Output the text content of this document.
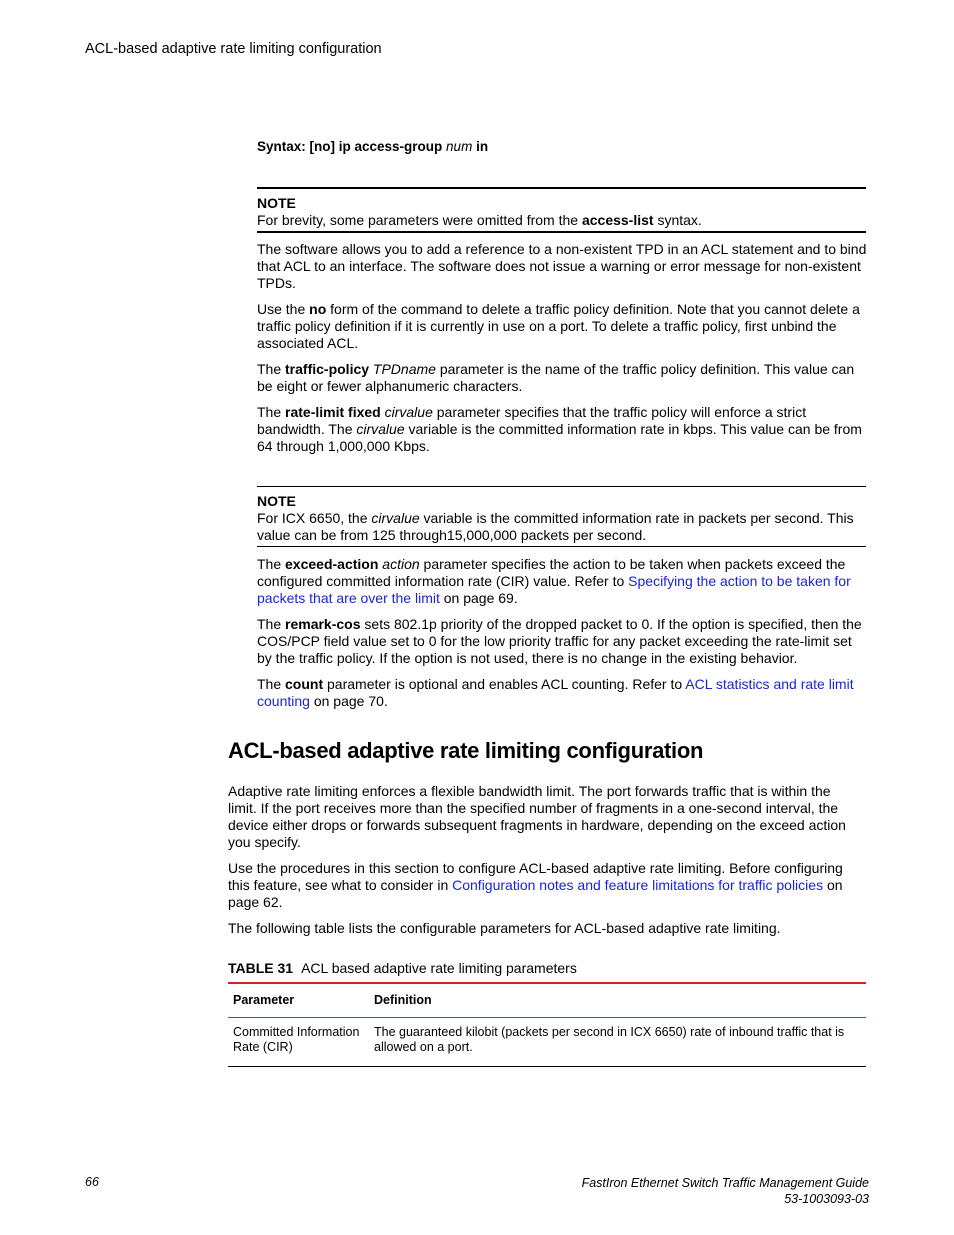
ACL-based adaptive rate limiting configuration
Syntax: [no] ip access-group num in
NOTE
For brevity, some parameters were omitted from the access-list syntax.

The software allows you to add a reference to a non-existent TPD in an ACL statement and to bind that ACL to an interface. The software does not issue a warning or error message for non-existent TPDs.

Use the no form of the command to delete a traffic policy definition. Note that you cannot delete a traffic policy definition if it is currently in use on a port. To delete a traffic policy, first unbind the associated ACL.

The traffic-policy TPDname parameter is the name of the traffic policy definition. This value can be eight or fewer alphanumeric characters.

The rate-limit fixed cirvalue parameter specifies that the traffic policy will enforce a strict bandwidth. The cirvalue variable is the committed information rate in kbps. This value can be from 64 through 1,000,000 Kbps.

NOTE
For ICX 6650, the cirvalue variable is the committed information rate in packets per second. This value can be from 125 through15,000,000 packets per second.

The exceed-action action parameter specifies the action to be taken when packets exceed the configured committed information rate (CIR) value. Refer to Specifying the action to be taken for packets that are over the limit on page 69.

The remark-cos sets 802.1p priority of the dropped packet to 0. If the option is specified, then the COS/PCP field value set to 0 for the low priority traffic for any packet exceeding the rate-limit set by the traffic policy. If the option is not used, there is no change in the existing behavior.

The count parameter is optional and enables ACL counting. Refer to ACL statistics and rate limit counting on page 70.

ACL-based adaptive rate limiting configuration

Adaptive rate limiting enforces a flexible bandwidth limit. The port forwards traffic that is within the limit. If the port receives more than the specified number of fragments in a one-second interval, the device either drops or forwards subsequent fragments in hardware, depending on the exceed action you specify.

Use the procedures in this section to configure ACL-based adaptive rate limiting. Before configuring this feature, see what to consider in Configuration notes and feature limitations for traffic policies on page 62.

The following table lists the configurable parameters for ACL-based adaptive rate limiting.

TABLE 31 ACL based adaptive rate limiting parameters
Parameter	Definition
Committed Information Rate (CIR)	The guaranteed kilobit (packets per second in ICX 6650) rate of inbound traffic that is allowed on a port.
66	FastIron Ethernet Switch Traffic Management Guide
53-1003093-03
